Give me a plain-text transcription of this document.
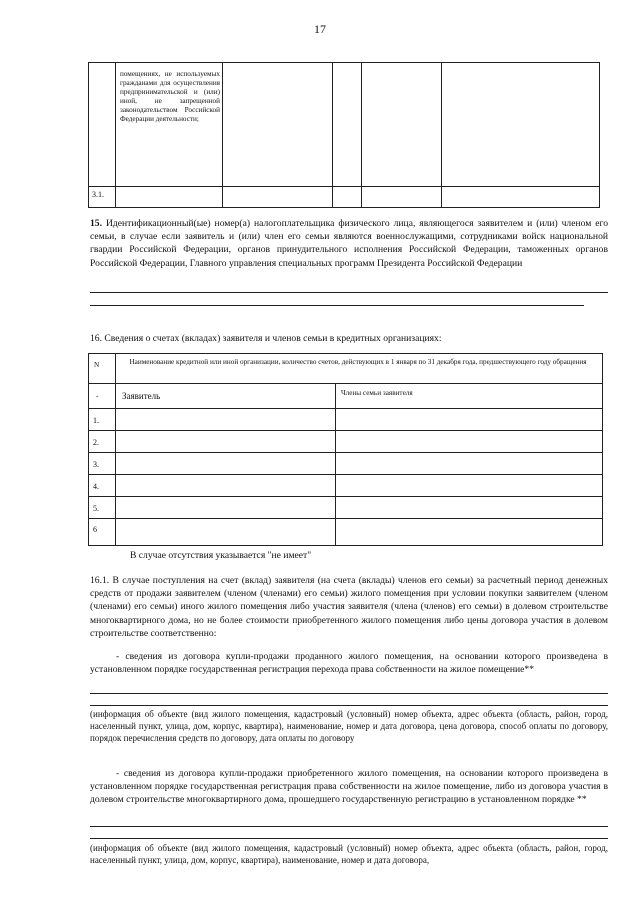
17
помещениях, не используемых гражданами для осуществления предпринимательской и (или) иной, не запрещенной законодательством Российской Федерации деятельности;
3.1.
15. Идентификационный(ые) номер(а) налогоплательщика физического лица, являющегося заявителем и (или) членом его семьи, в случае если заявитель и (или) член его семьи являются военнослужащими, сотрудниками войск национальной гвардии Российской Федерации, органов принудительного исполнения Российской Федерации, таможенных органов Российской Федерации, Главного управления специальных программ Президента Российской Федерации
16. Сведения о счетах (вкладах) заявителя и членов семьи в кредитных организациях:
N	Наименование кредитной или иной организации, количество счетов, действующих в 1 января по 31 декабря года, предшествующего году обращения
-	Заявитель	Члены семьи заявителя
1.
2.
3.
4.
5.
6
В случае отсутствия указывается "не имеет"
16.1. В случае поступления на счет (вклад) заявителя (на счета (вклады) членов его семьи) за расчетный период денежных средств от продажи заявителем (членом (членами) его семьи) жилого помещения при условии покупки заявителем (членом (членами) его семьи) иного жилого помещения либо участия заявителя (члена (членов) его семьи) в долевом строительстве многоквартирного дома, но не более стоимости приобретенного жилого помещения либо цены договора участия в долевом строительстве соответственно:
- сведения из договора купли-продажи проданного жилого помещения, на основании которого произведена в установленном порядке государственная регистрация перехода права собственности на жилое помещение**
(информация об объекте (вид жилого помещения, кадастровый (условный) номер объекта, адрес объекта (область, район, город, населенный пункт, улица, дом, корпус, квартира), наименование, номер и дата договора, цена договора, способ оплаты по договору, порядок перечисления средств по договору, дата оплаты по договору
- сведения из договора купли-продажи приобретенного жилого помещения, на основании которого произведена в установленном порядке государственная регистрация права собственности на жилое помещение, либо из договора участия в долевом строительстве многоквартирного дома, прошедшего государственную регистрацию в установленном порядке **
(информация об объекте (вид жилого помещения, кадастровый (условный) номер объекта, адрес объекта (область, район, город, населенный пункт, улица, дом, корпус, квартира), наименование, номер и дата договора,
